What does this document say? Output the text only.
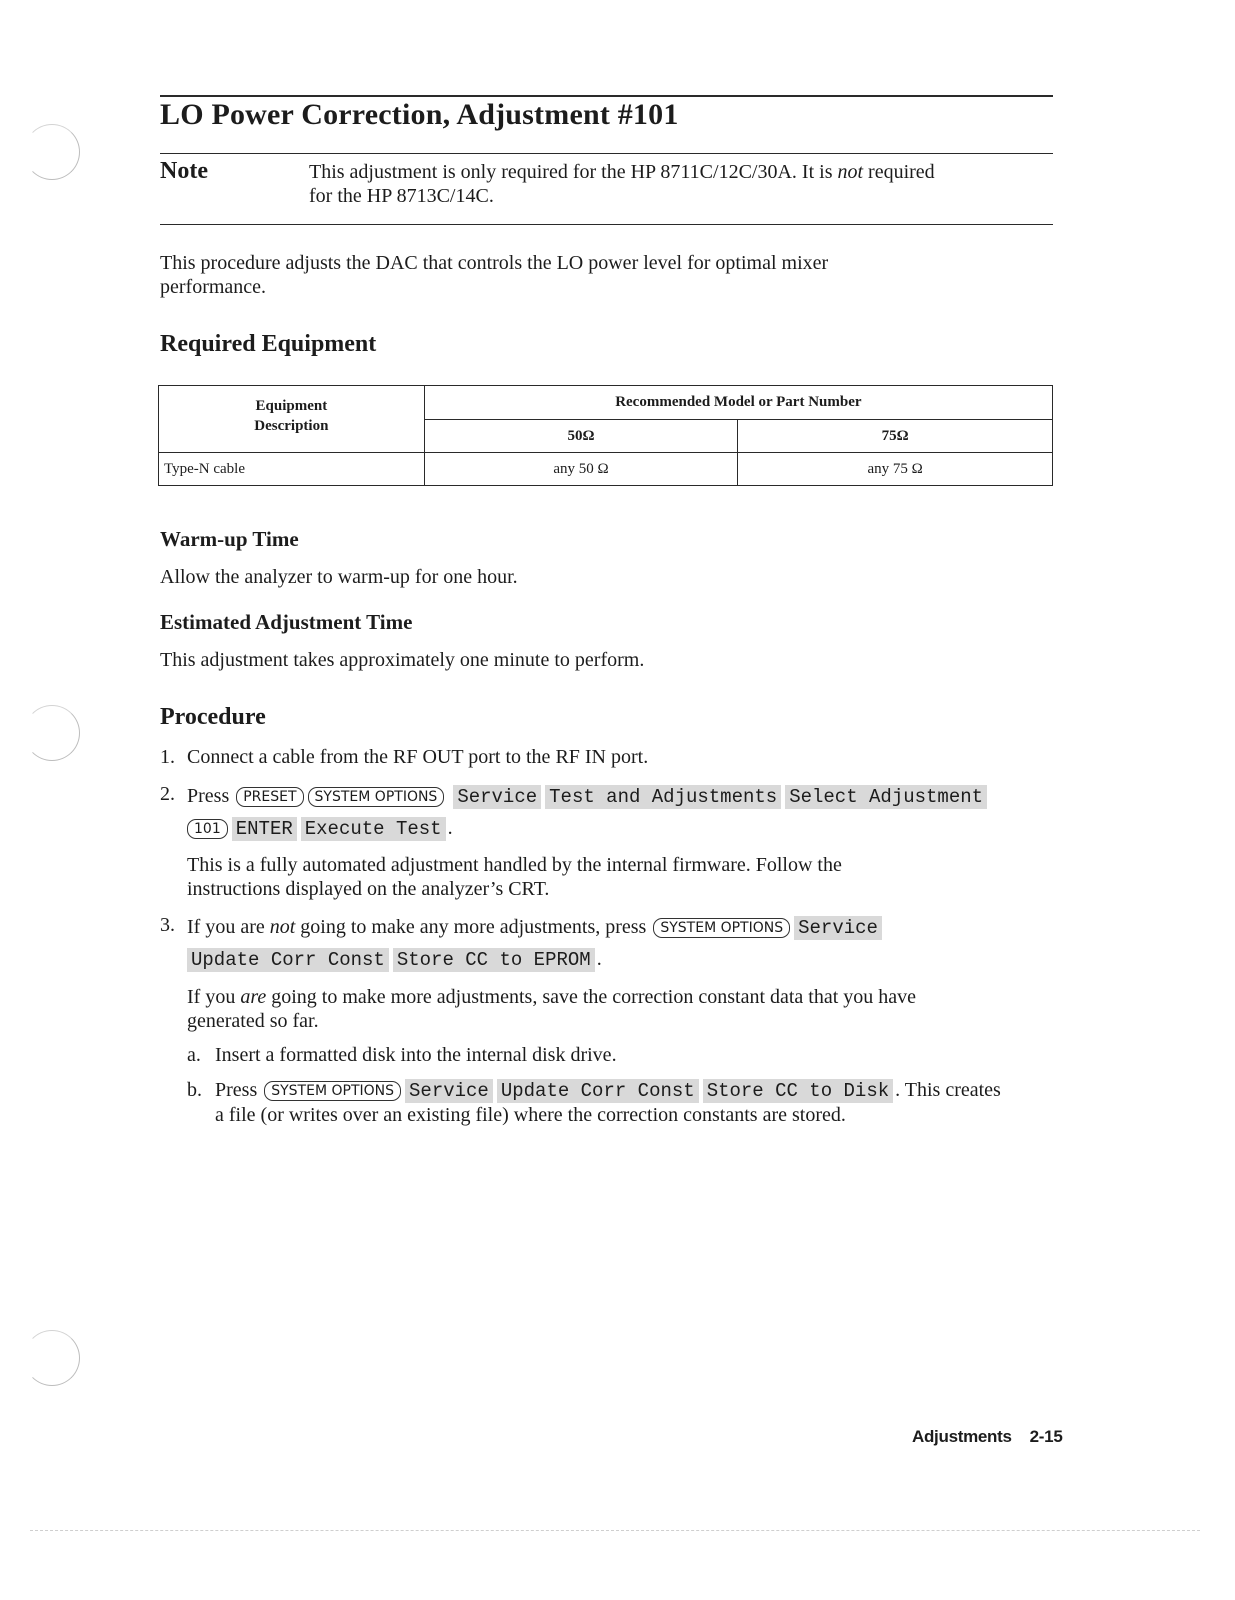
LO Power Correction, Adjustment #101
Note	This adjustment is only required for the HP 8711C/12C/30A. It is not required
for the HP 8713C/14C.
This procedure adjusts the DAC that controls the LO power level for optimal mixer
performance.
Required Equipment
Equipment
Description	Recommended Model or Part Number	
	50Ω	75Ω
Type-N cable	any 50 Ω	any 75 Ω
Warm-up Time
Allow the analyzer to warm-up for one hour.
Estimated Adjustment Time
This adjustment takes approximately one minute to perform.
Procedure
1. Connect a cable from the RF OUT port to the RF IN port.
2. Press PRESET SYSTEM OPTIONS Service Test and Adjustments Select Adjustment
101 ENTER Execute Test .
This is a fully automated adjustment handled by the internal firmware. Follow the
instructions displayed on the analyzer’s CRT.
3. If you are not going to make any more adjustments, press SYSTEM OPTIONS Service
Update Corr Const Store CC to EPROM .
If you are going to make more adjustments, save the correction constant data that you have
generated so far.
a. Insert a formatted disk into the internal disk drive.
b. Press SYSTEM OPTIONS Service Update Corr Const Store CC to Disk . This creates
a file (or writes over an existing file) where the correction constants are stored.
Adjustments 2-15
